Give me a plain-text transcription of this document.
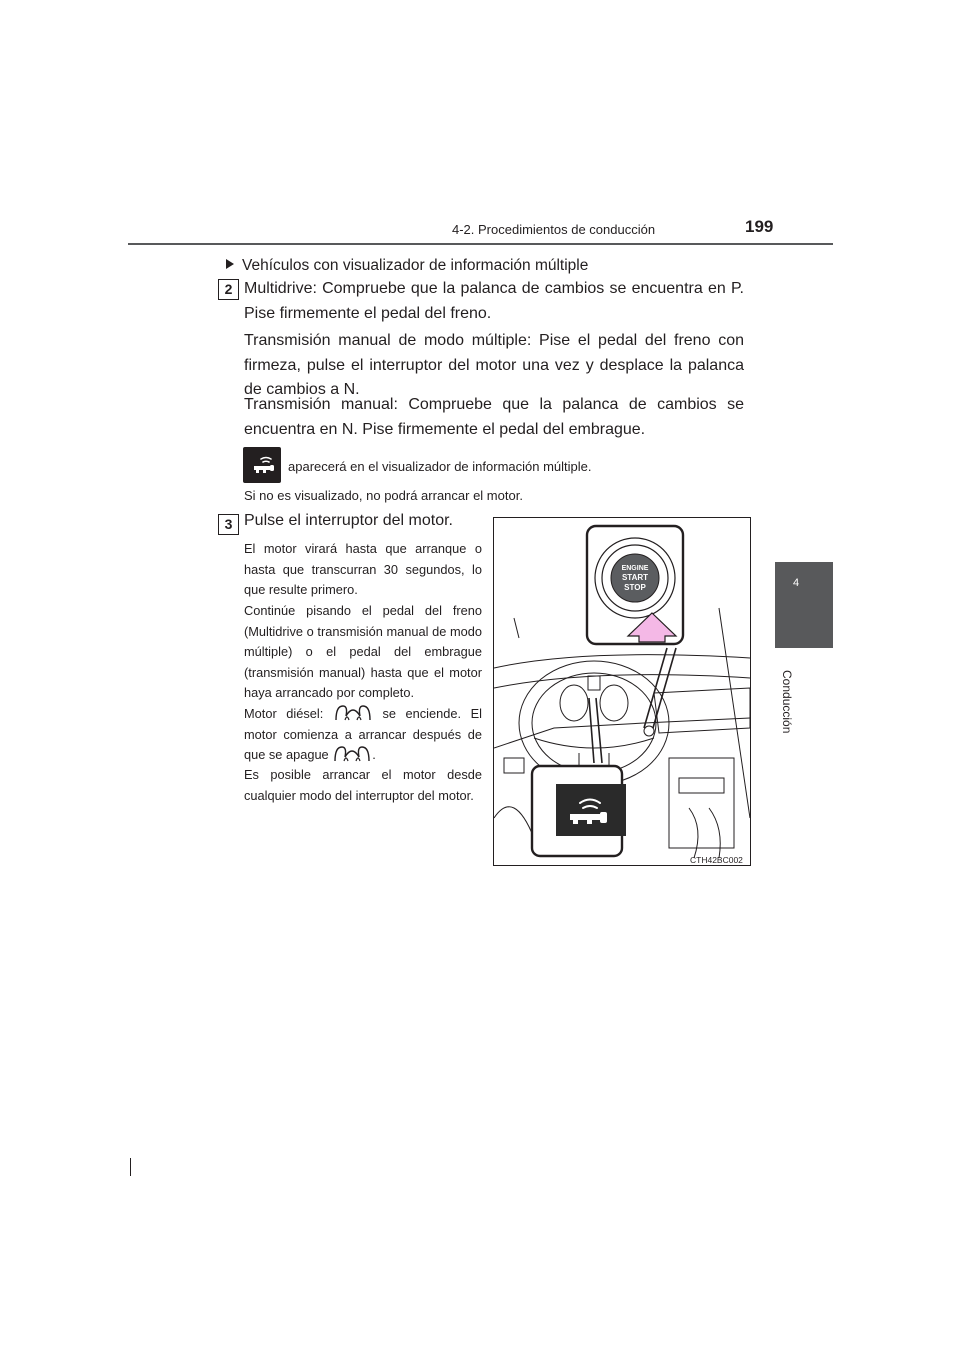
4-2. Procedimientos de conducción	199
4
Conducción
Vehículos con visualizador de información múltiple
2 Multidrive: Compruebe que la palanca de cambios se encuentra en P. Pise firmemente el pedal del freno.
Transmisión manual de modo múltiple: Pise el pedal del freno con firmeza, pulse el interruptor del motor una vez y desplace la palanca de cambios a N.
Transmisión manual: Compruebe que la palanca de cambios se encuentra en N. Pise firmemente el pedal del embrague.
aparecerá en el visualizador de información múltiple.
Si no es visualizado, no podrá arrancar el motor.
3 Pulse el interruptor del motor.
El motor virará hasta que arranque o hasta que transcurran 30 segundos, lo que resulte primero.
Continúe pisando el pedal del freno (Multidrive o transmisión manual de modo múltiple) o el pedal del embrague (transmisión manual) hasta que el motor haya arrancado por completo.
Motor diésel:	se enciende. El motor comienza a arrancar después de que se apague	.
Es posible arrancar el motor desde cualquier modo del interruptor del motor.
ENGINE
START
STOP
CTH42BC002
